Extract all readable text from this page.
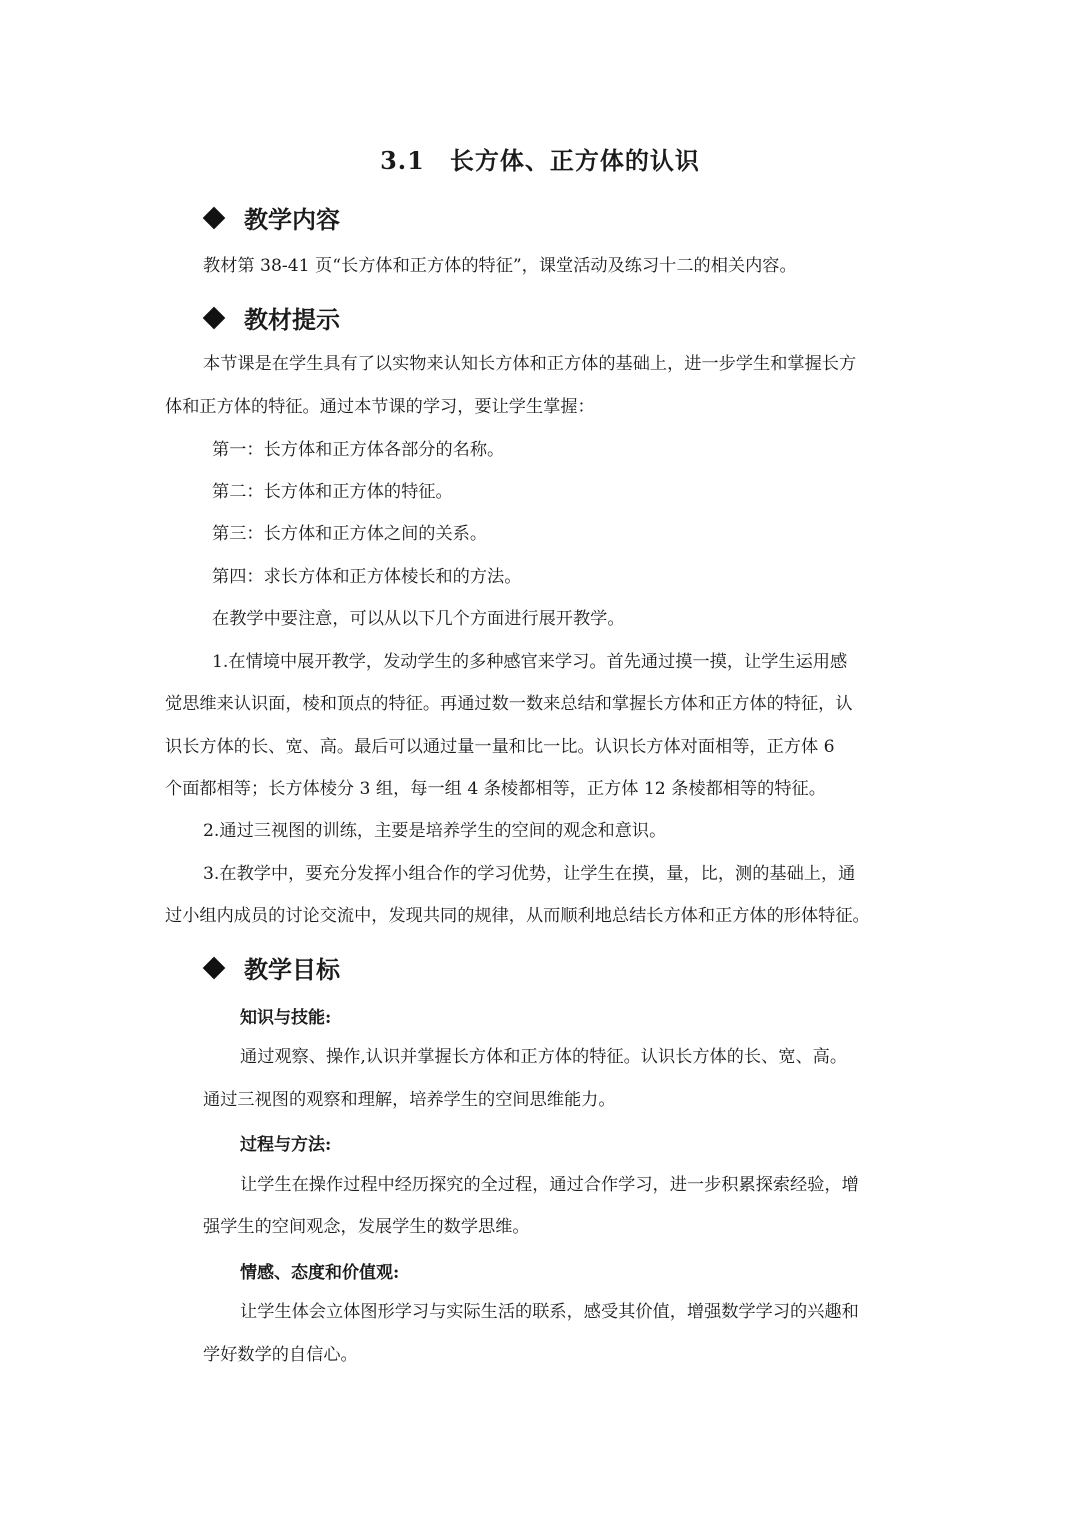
3.1　长方体、正方体的认识
教学内容
教材第 38-41 页“长方体和正方体的特征”，课堂活动及练习十二的相关内容。
教材提示
本节课是在学生具有了以实物来认知长方体和正方体的基础上，进一步学生和掌握长方
体和正方体的特征。通过本节课的学习，要让学生掌握：
第一：长方体和正方体各部分的名称。
第二：长方体和正方体的特征。
第三：长方体和正方体之间的关系。
第四：求长方体和正方体棱长和的方法。
在教学中要注意，可以从以下几个方面进行展开教学。
1.在情境中展开教学，发动学生的多种感官来学习。首先通过摸一摸，让学生运用感
觉思维来认识面，棱和顶点的特征。再通过数一数来总结和掌握长方体和正方体的特征，认
识长方体的长、宽、高。最后可以通过量一量和比一比。认识长方体对面相等，正方体 6
个面都相等；长方体棱分 3 组，每一组 4 条棱都相等，正方体 12 条棱都相等的特征。
2.通过三视图的训练，主要是培养学生的空间的观念和意识。
3.在教学中，要充分发挥小组合作的学习优势，让学生在摸，量，比，测的基础上，通
过小组内成员的讨论交流中，发现共同的规律，从而顺利地总结长方体和正方体的形体特征。
教学目标
知识与技能:
通过观察、操作,认识并掌握长方体和正方体的特征。认识长方体的长、宽、高。
通过三视图的观察和理解，培养学生的空间思维能力。
过程与方法:
让学生在操作过程中经历探究的全过程，通过合作学习，进一步积累探索经验，增
强学生的空间观念，发展学生的数学思维。
情感、态度和价值观:
让学生体会立体图形学习与实际生活的联系，感受其价值，增强数学学习的兴趣和
学好数学的自信心。
